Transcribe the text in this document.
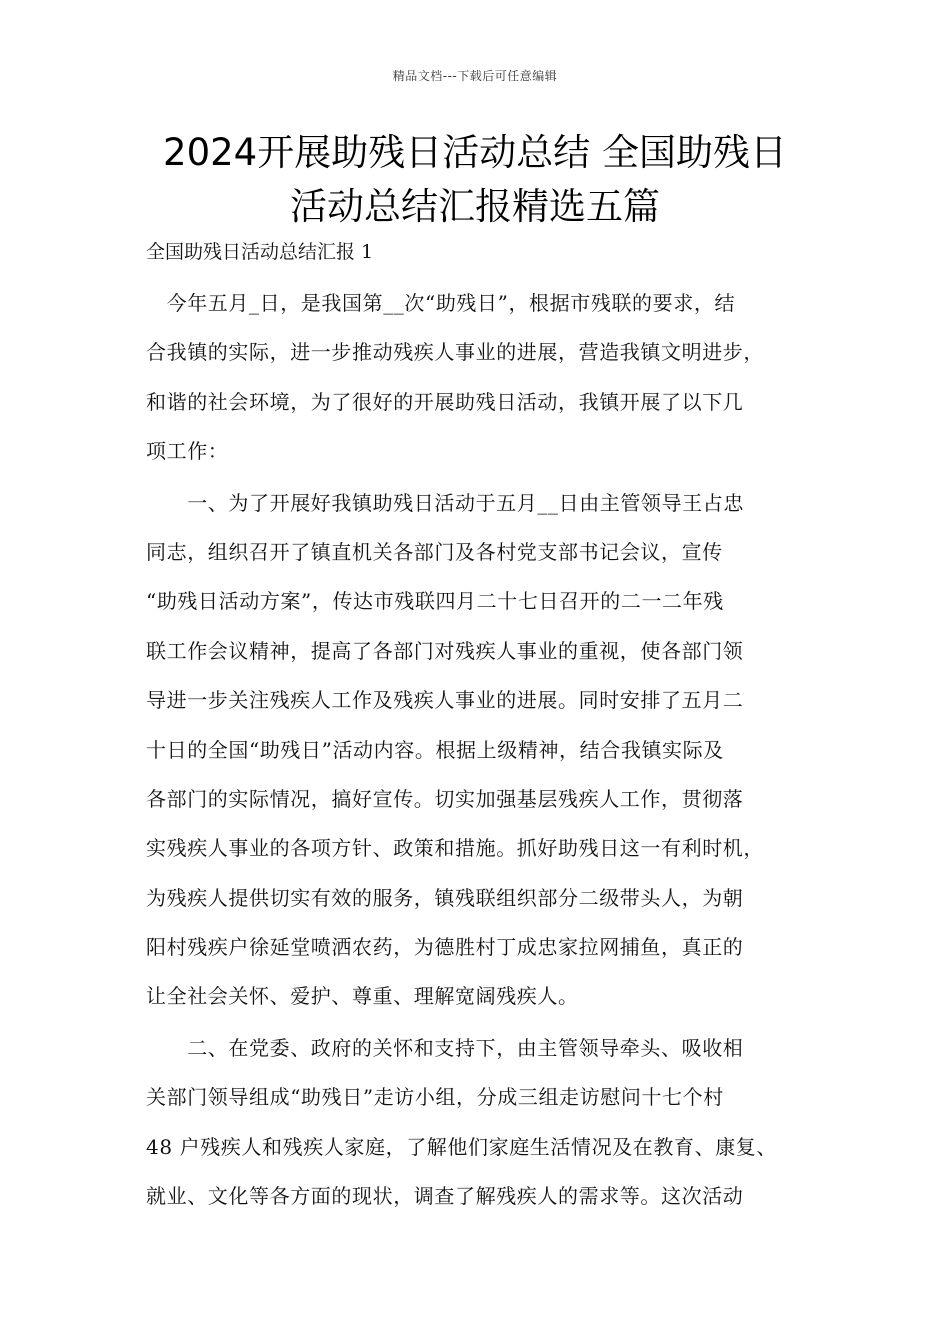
精品文档---下载后可任意编辑
2024开展助残日活动总结 全国助残日
活动总结汇报精选五篇
全国助残日活动总结汇报 1
　今年五月_日，是我国第__次“助残日”，根据市残联的要求，结
合我镇的实际，进一步推动残疾人事业的进展，营造我镇文明进步，
和谐的社会环境，为了很好的开展助残日活动，我镇开展了以下几
项工作：
　　一、为了开展好我镇助残日活动于五月__日由主管领导王占忠
同志，组织召开了镇直机关各部门及各村党支部书记会议，宣传
“助残日活动方案”，传达市残联四月二十七日召开的二一二年残
联工作会议精神，提高了各部门对残疾人事业的重视，使各部门领
导进一步关注残疾人工作及残疾人事业的进展。同时安排了五月二
十日的全国“助残日”活动内容。根据上级精神，结合我镇实际及
各部门的实际情况，搞好宣传。切实加强基层残疾人工作，贯彻落
实残疾人事业的各项方针、政策和措施。抓好助残日这一有利时机，
为残疾人提供切实有效的服务，镇残联组织部分二级带头人，为朝
阳村残疾户徐延堂喷洒农药，为德胜村丁成忠家拉网捕鱼，真正的
让全社会关怀、爱护、尊重、理解宽阔残疾人。
　　二、在党委、政府的关怀和支持下，由主管领导牵头、吸收相
关部门领导组成“助残日”走访小组，分成三组走访慰问十七个村
48 户残疾人和残疾人家庭，了解他们家庭生活情况及在教育、康复、
就业、文化等各方面的现状，调查了解残疾人的需求等。这次活动
